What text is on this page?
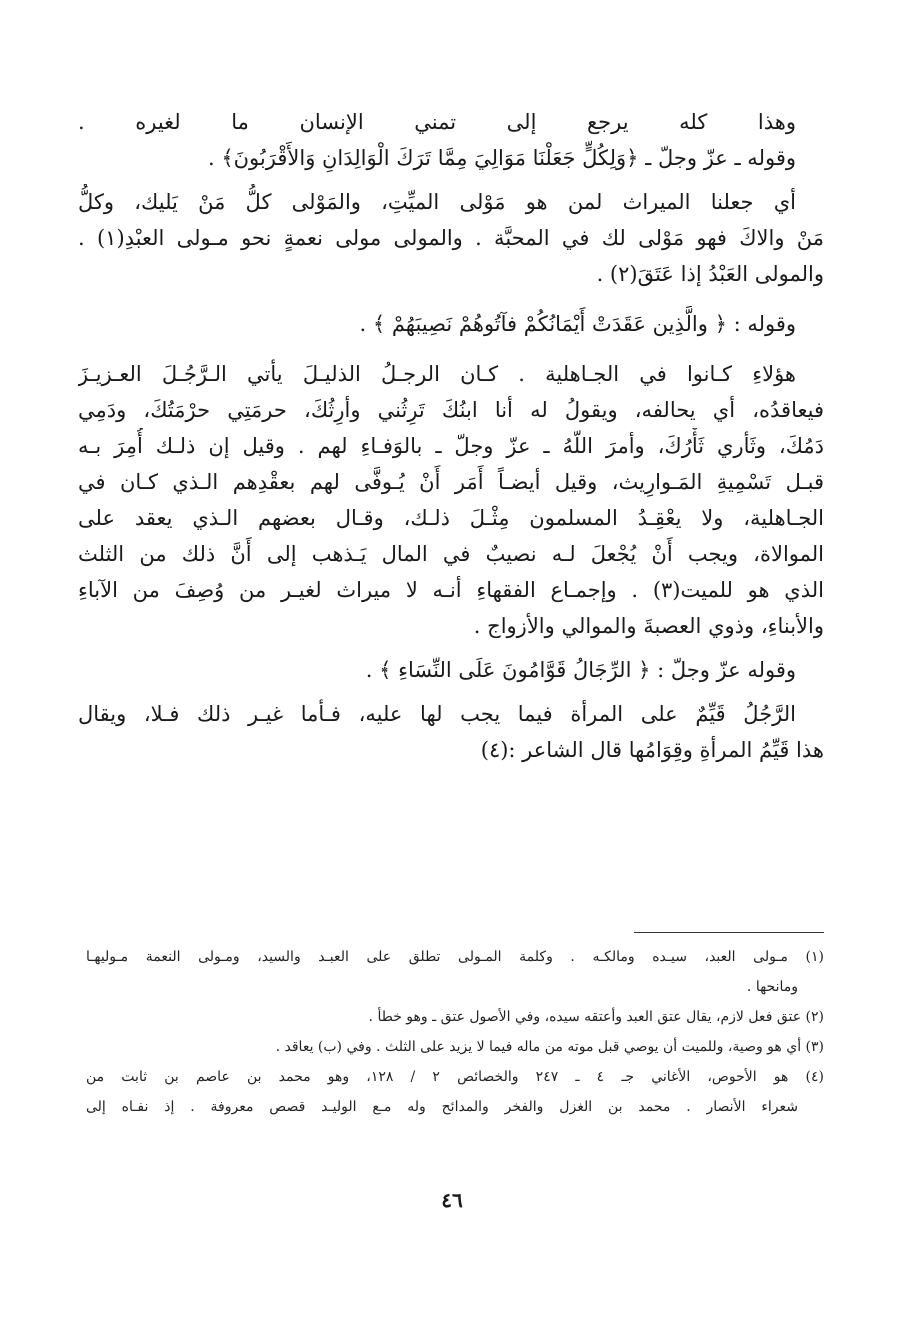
وهذا كله يرجع إلى تمني الإنسان ما لغيره .
وقوله ـ عزّ وجلّ ـ ﴿وَلِكُلٍّ جَعَلْنَا مَوَالِيَ مِمَّا تَرَكَ الْوَالِدَانِ وَالأَقْرَبُونَ﴾ .
أي جعلنا الميراث لمن هو مَوْلى الميِّتِ، والمَوْلى كلُّ مَنْ يَليك، وكلُّ
مَنْ والاكَ فهو مَوْلى لك في المحبَّة . والمولى مولى نعمةٍ نحو مـولى العبْدِ(١) .
والمولى العَبْدُ إذا عَتَقَ(٢) .
وقوله : ﴿ والَّذِين عَقَدَتْ أَيْمَانُكُمْ فآتُوهُمْ نَصِيبَهُمْ ﴾ .
هؤلاءِ كـانوا في الجـاهلية . كـان الرجـلُ الذليـلَ يأتي الـرَّجُـلَ العـزيـزَ
فيعاقدُه، أي يحالفه، ويقولُ له أنا ابنُكَ تَرِثُني وأرِثُكَ، حرمَتِي حرْمَتُكَ، ودَمِي
دَمُكَ، وثَأري ثَأْرُكَ، وأمرَ اللّهُ ـ عزّ وجلّ ـ بالوَفـاءِ لهم . وقيل إن ذلـك أُمِرَ بـه
قبـل تَسْمِيةِ المَـوارِيث، وقيل أيضـاً أَمَر أَنْ يُـوفَّى لهم بعقْدِهم الـذي كـان في
الجـاهلية، ولا يعْقِـدُ المسلمون مِثْـلَ ذلـك، وقـال بعضهم الـذي يعقد على
الموالاة، ويجب أَنْ يُجْعلَ لـه نصيبٌ في المال يَـذهب إلى أَنَّ ذلك من الثلث
الذي هو للميت(٣) . وإجمـاع الفقهاءِ أنـه لا ميراث لغيـر من وُصِفَ من الآباءِ
والأبناءِ، وذوي العصبةَ والموالي والأزواج .
وقوله عزّ وجلّ : ﴿ الرِّجَالُ قَوَّامُونَ عَلَى النِّسَاءِ ﴾ .
الرَّجُلُ قَيِّمٌ على المرأة فيما يجب لها عليه، فـأما غيـر ذلك فـلا، ويقال
هذا قَيِّمُ المرأةِ وقِوَامُها قال الشاعر :(٤)
(١) مـولى العبد، سيـده ومالكـه . وكلمة المـولى تطلق على العبـد والسيد، ومـولى النعمة مـوليهـا
ومانحها .
(٢) عتق فعل لازم، يقال عتق العبد وأعتقه سيده، وفي الأصول عتق ـ وهو خطأ .
(٣) أي هو وصية، وللميت أن يوصي قبل موته من ماله فيما لا يزيد على الثلث . وفي (ب) يعاقد .
(٤) هو الأحوص، الأغاني جـ ٤ ـ ٢٤٧ والخصائص ٢ / ١٢٨، وهو محمد بن عاصم بن ثابت من
شعراء الأنصار . محمد بن الغزل والفخر والمدائح وله مـع الوليـد قصص معروفة . إذ نفـاه إلى
٤٦
